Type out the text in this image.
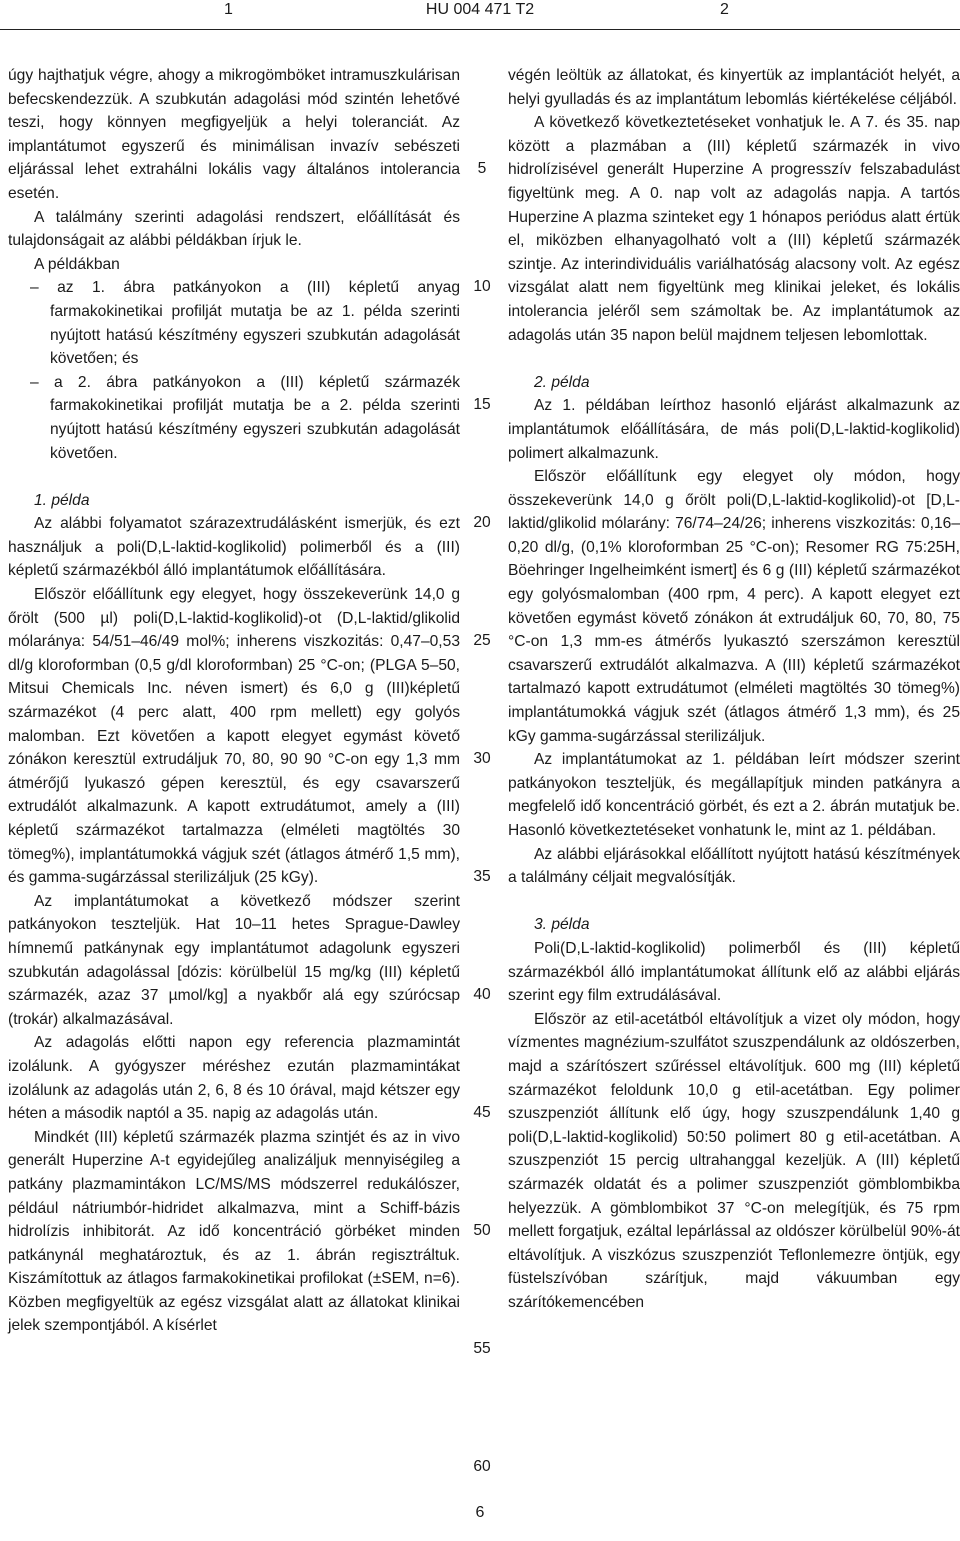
1	HU 004 471 T2	2

úgy hajthatjuk végre, ahogy a mikrogömböket intramuszkulárisan befecskendezzük. A szubkután adagolási mód szintén lehetővé teszi, hogy könnyen megfigyeljük a helyi toleranciát. Az implantátumot egyszerű és minimálisan invazív sebészeti eljárással lehet extrahálni lokális vagy általános intolerancia esetén.

A találmány szerinti adagolási rendszert, előállítását és tulajdonságait az alábbi példákban írjuk le.

A példákban

– az 1. ábra patkányokon a (III) képletű anyag farmakokinetikai profilját mutatja be az 1. példa szerinti nyújtott hatású készítmény egyszeri szubkután adagolását követően; és

– a 2. ábra patkányokon a (III) képletű származék farmakokinetikai profilját mutatja be a 2. példa szerinti nyújtott hatású készítmény egyszeri szubkután adagolását követően.

1. példa

Az alábbi folyamatot szárazextrudálásként ismerjük, és ezt használjuk a poli(D,L-laktid-koglikolid) polimerből és a (III) képletű származékból álló implantátumok előállítására.

Először előállítunk egy elegyet, hogy összekeverünk 14,0 g őrölt (500 µl) poli(D,L-laktid-koglikolid)-ot (D,L-laktid/glikolid mólaránya: 54/51–46/49 mol%; inherens viszkozitás: 0,47–0,53 dl/g kloroformban (0,5 g/dl kloroformban) 25 °C-on; (PLGA 5–50, Mitsui Chemicals Inc. néven ismert) és 6,0 g (III)képletű származékot (4 perc alatt, 400 rpm mellett) egy golyós malomban. Ezt követően a kapott elegyet egymást követő zónákon keresztül extrudáljuk 70, 80, 90 90 °C-on egy 1,3 mm átmérőjű lyukaszó gépen keresztül, és egy csavarszerű extrudálót alkalmazunk. A kapott extrudátumot, amely a (III) képletű származékot tartalmazza (elméleti magtöltés 30 tömeg%), implantátumokká vágjuk szét (átlagos átmérő 1,5 mm), és gamma-sugárzással sterilizáljuk (25 kGy).

Az implantátumokat a következő módszer szerint patkányokon teszteljük. Hat 10–11 hetes Sprague-Dawley hímnemű patkánynak egy implantátumot adagolunk egyszeri szubkután adagolással [dózis: körülbelül 15 mg/kg (III) képletű származék, azaz 37 µmol/kg] a nyakbőr alá egy szúrócsap (trokár) alkalmazásával.

Az adagolás előtti napon egy referencia plazmamintát izolálunk. A gyógyszer méréshez ezután plazmamintákat izolálunk az adagolás után 2, 6, 8 és 10 órával, majd kétszer egy héten a második naptól a 35. napig az adagolás után.

Mindkét (III) képletű származék plazma szintjét és az in vivo generált Huperzine A-t egyidejűleg analizáljuk mennyiségileg a patkány plazmamintákon LC/MS/MS módszerrel redukálószer, például nátriumbór-hidridet alkalmazva, mint a Schiff-bázis hidrolízis inhibitorát. Az idő koncentráció görbéket minden patkánynál meghatároztuk, és az 1. ábrán regisztráltuk. Kiszámítottuk az átlagos farmakokinetikai profilokat (±SEM, n=6). Közben megfigyeltük az egész vizsgálat alatt az állatokat klinikai jelek szempontjából. A kísérlet

5
10
15
20
25
30
35
40
45
50
55
60

végén leöltük az állatokat, és kinyertük az implantációt helyét, a helyi gyulladás és az implantátum lebomlás kiértékelése céljából.

A következő következtetéseket vonhatjuk le. A 7. és 35. nap között a plazmában a (III) képletű származék in vivo hidrolízisével generált Huperzine A progresszív felszabadulást figyeltünk meg. A 0. nap volt az adagolás napja. A tartós Huperzine A plazma szinteket egy 1 hónapos periódus alatt értük el, miközben elhanyagolható volt a (III) képletű származék szintje. Az interindividuális variálhatóság alacsony volt. Az egész vizsgálat alatt nem figyeltünk meg klinikai jeleket, és lokális intolerancia jeléről sem számoltak be. Az implantátumok az adagolás után 35 napon belül majdnem teljesen lebomlottak.

2. példa

Az 1. példában leírthoz hasonló eljárást alkalmazunk az implantátumok előállítására, de más poli(D,L-laktid-koglikolid) polimert alkalmazunk.

Először előállítunk egy elegyet oly módon, hogy összekeverünk 14,0 g őrölt poli(D,L-laktid-koglikolid)-ot [D,L-laktid/glikolid mólarány: 76/74–24/26; inherens viszkozitás: 0,16–0,20 dl/g, (0,1% kloroformban 25 °C-on); Resomer RG 75:25H, Böehringer Ingelheimként ismert] és 6 g (III) képletű származékot egy golyósmalomban (400 rpm, 4 perc). A kapott elegyet ezt követően egymást követő zónákon át extrudáljuk 60, 70, 80, 75 °C-on 1,3 mm-es átmérős lyukasztó szerszámon keresztül csavarszerű extrudálót alkalmazva. A (III) képletű származékot tartalmazó kapott extrudátumot (elméleti magtöltés 30 tömeg%) implantátumokká vágjuk szét (átlagos átmérő 1,3 mm), és 25 kGy gamma-sugárzással sterilizáljuk.

Az implantátumokat az 1. példában leírt módszer szerint patkányokon teszteljük, és megállapítjuk minden patkányra a megfelelő idő koncentráció görbét, és ezt a 2. ábrán mutatjuk be. Hasonló következtetéseket vonhatunk le, mint az 1. példában.

Az alábbi eljárásokkal előállított nyújtott hatású készítmények a találmány céljait megvalósítják.

3. példa

Poli(D,L-laktid-koglikolid) polimerből és (III) képletű származékból álló implantátumokat állítunk elő az alábbi eljárás szerint egy film extrudálásával.

Először az etil-acetátból eltávolítjuk a vizet oly módon, hogy vízmentes magnézium-szulfátot szuszpendálunk az oldószerben, majd a szárítószert szűréssel eltávolítjuk. 600 mg (III) képletű származékot feloldunk 10,0 g etil-acetátban. Egy polimer szuszpenziót állítunk elő úgy, hogy szuszpendálunk 1,40 g poli(D,L-laktid-koglikolid) 50:50 polimert 80 g etil-acetátban. A szuszpenziót 15 percig ultrahanggal kezeljük. A (III) képletű származék oldatát és a polimer szuszpenziót gömblombikba helyezzük. A gömblombikot 37 °C-on melegítjük, és 75 rpm mellett forgatjuk, ezáltal lepárlással az oldószer körülbelül 90%-át eltávolítjuk. A viszkózus szuszpenziót Teflonlemezre öntjük, egy füstelszívóban szárítjuk, majd vákuumban egy szárítókemencében

6
